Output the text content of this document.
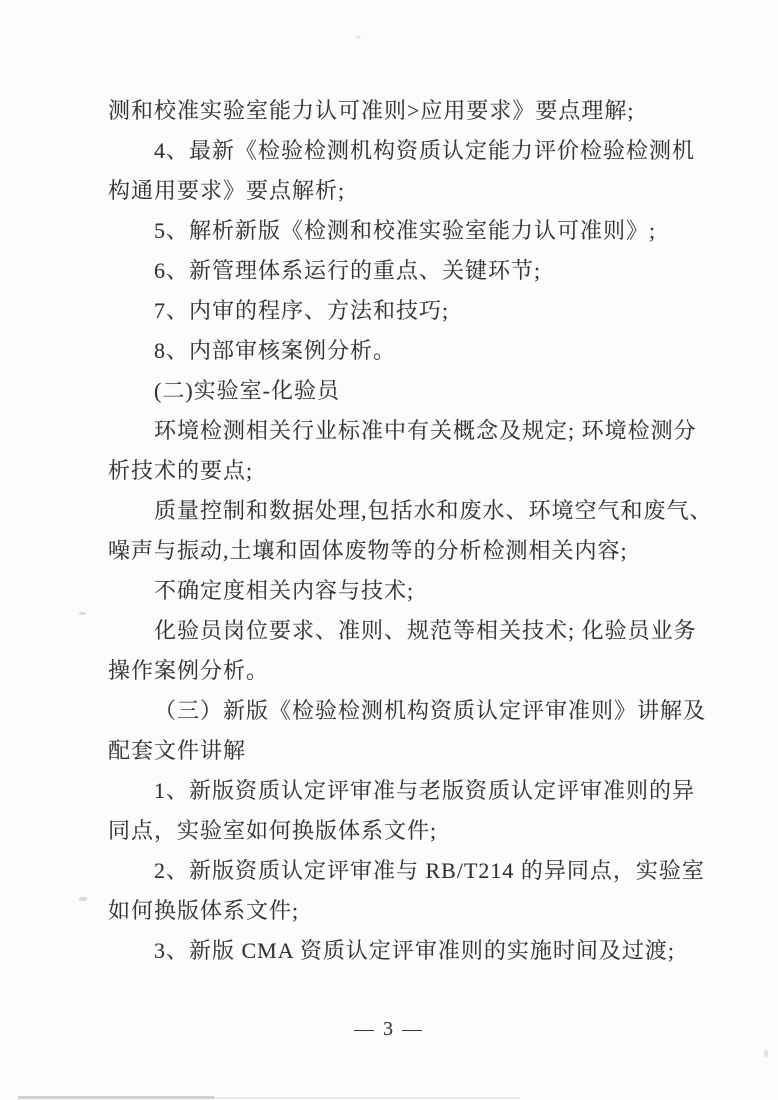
测和校准实验室能力认可准则>应用要求》要点理解;
4、最新《检验检测机构资质认定能力评价检验检测机
构通用要求》要点解析;
5、解析新版《检测和校准实验室能力认可准则》;
6、新管理体系运行的重点、关键环节;
7、内审的程序、方法和技巧;
8、内部审核案例分析。
(二)实验室-化验员
环境检测相关行业标准中有关概念及规定; 环境检测分
析技术的要点;
质量控制和数据处理,包括水和废水、环境空气和废气、
噪声与振动,土壤和固体废物等的分析检测相关内容;
不确定度相关内容与技术;
化验员岗位要求、准则、规范等相关技术; 化验员业务
操作案例分析。
（三）新版《检验检测机构资质认定评审准则》讲解及
配套文件讲解
1、新版资质认定评审准与老版资质认定评审准则的异
同点，实验室如何换版体系文件;
2、新版资质认定评审准与 RB/T214 的异同点，实验室
如何换版体系文件;
3、新版 CMA 资质认定评审准则的实施时间及过渡;
— 3 —
